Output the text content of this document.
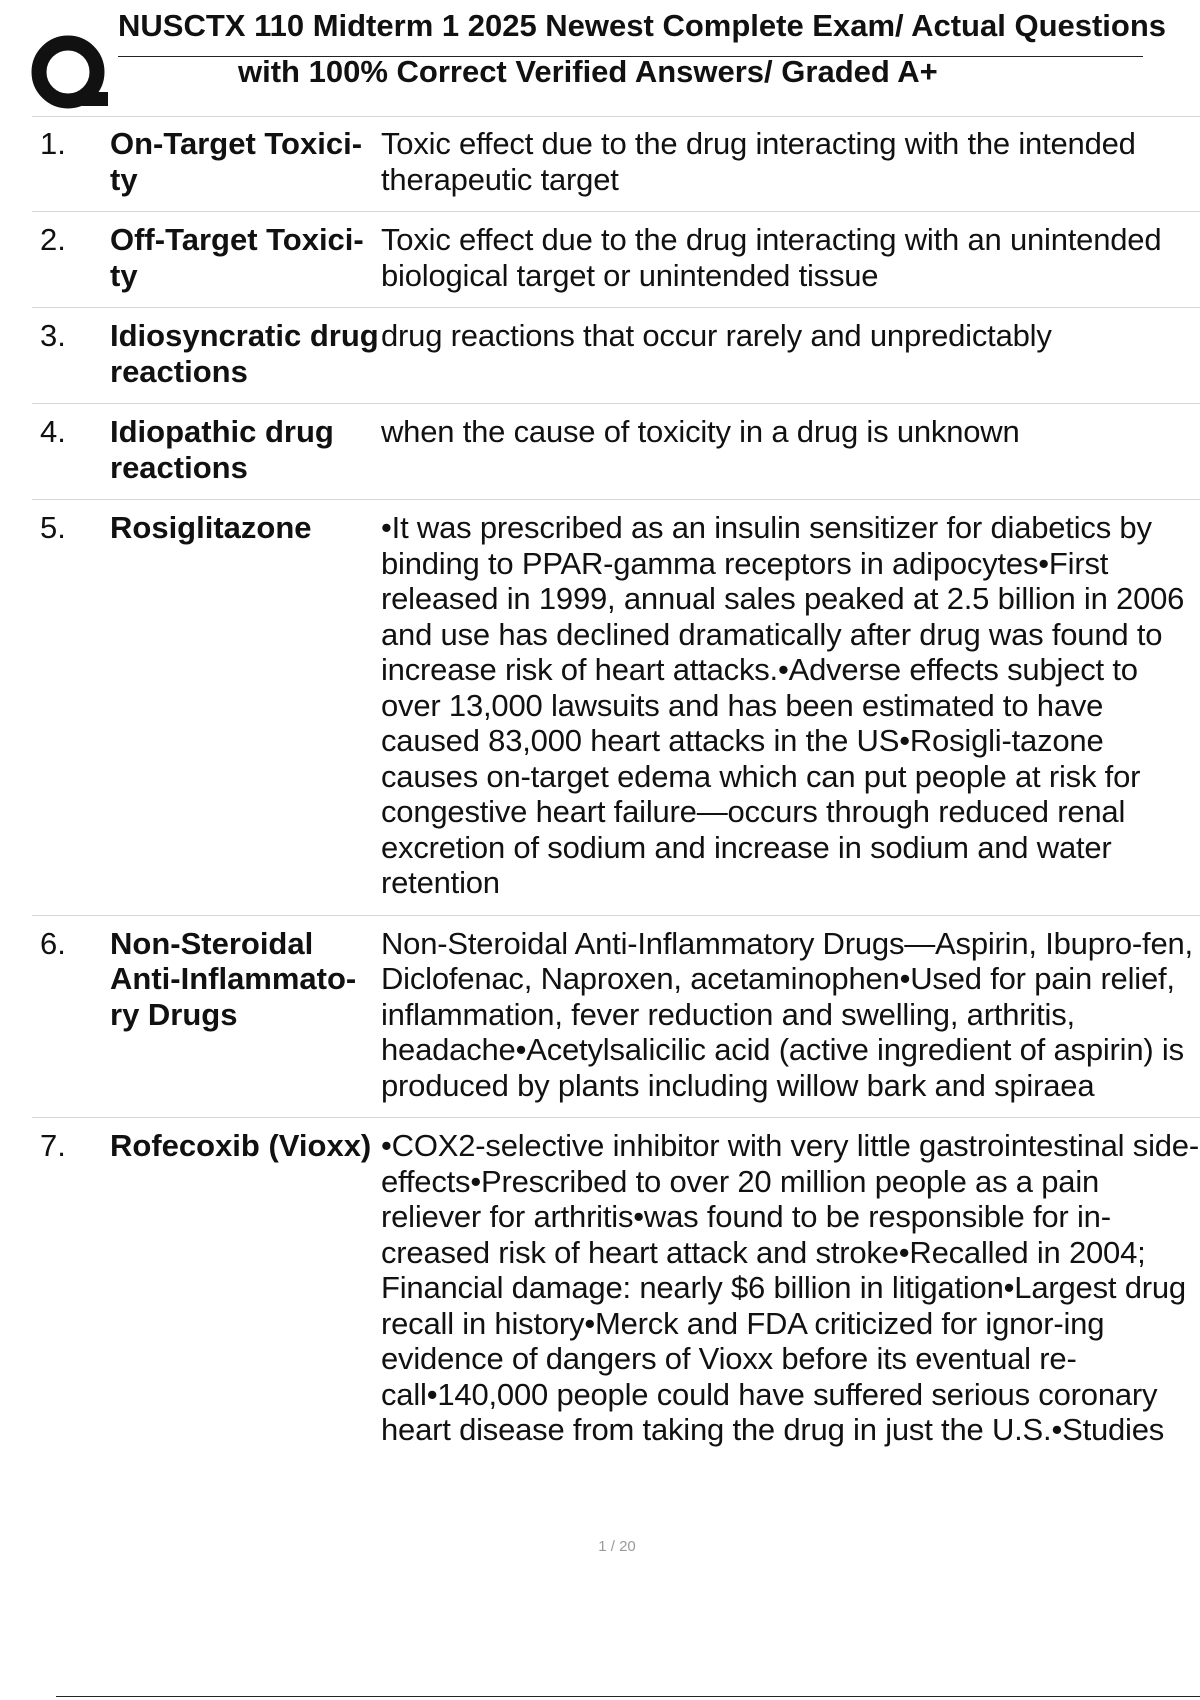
NUSCTX 110 Midterm 1 2025 Newest Complete Exam/ Actual Questions
with 100% Correct Verified Answers/ Graded A+
1.	On-Target Toxici-ty	Toxic effect due to the drug interacting with the intended therapeutic target
2.	Off-Target Toxici-ty	Toxic effect due to the drug interacting with an unintended biological target or unintended tissue
3.	Idiosyncratic drug reactions	drug reactions that occur rarely and unpredictably
4.	Idiopathic drug reactions	when the cause of toxicity in a drug is unknown
5.	Rosiglitazone	•It was prescribed as an insulin sensitizer for diabetics by binding to PPAR-gamma receptors in adipocytes•First released in 1999, annual sales peaked at 2.5 billion in 2006 and use has declined dramatically after drug was found to increase risk of heart attacks.•Adverse effects subject to over 13,000 lawsuits and has been estimated to have caused 83,000 heart attacks in the US•Rosigli-tazone causes on-target edema which can put people at risk for congestive heart failure—occurs through reduced renal excretion of sodium and increase in sodium and water retention
6.	Non-Steroidal Anti-Inflammato-ry Drugs	Non-Steroidal Anti-Inflammatory Drugs—Aspirin, Ibupro-fen, Diclofenac, Naproxen, acetaminophen•Used for pain relief, inflammation, fever reduction and swelling, arthritis, headache•Acetylsalicilic acid (active ingredient of aspirin) is produced by plants including willow bark and spiraea
7.	Rofecoxib (Vioxx)	•COX2-selective inhibitor with very little gastrointestinal side-effects•Prescribed to over 20 million people as a pain reliever for arthritis•was found to be responsible for in-creased risk of heart attack and stroke•Recalled in 2004; Financial damage: nearly $6 billion in litigation•Largest drug recall in history•Merck and FDA criticized for ignor-ing evidence of dangers of Vioxx before its eventual re-call•140,000 people could have suffered serious coronary heart disease from taking the drug in just the U.S.•Studies
1 / 20
